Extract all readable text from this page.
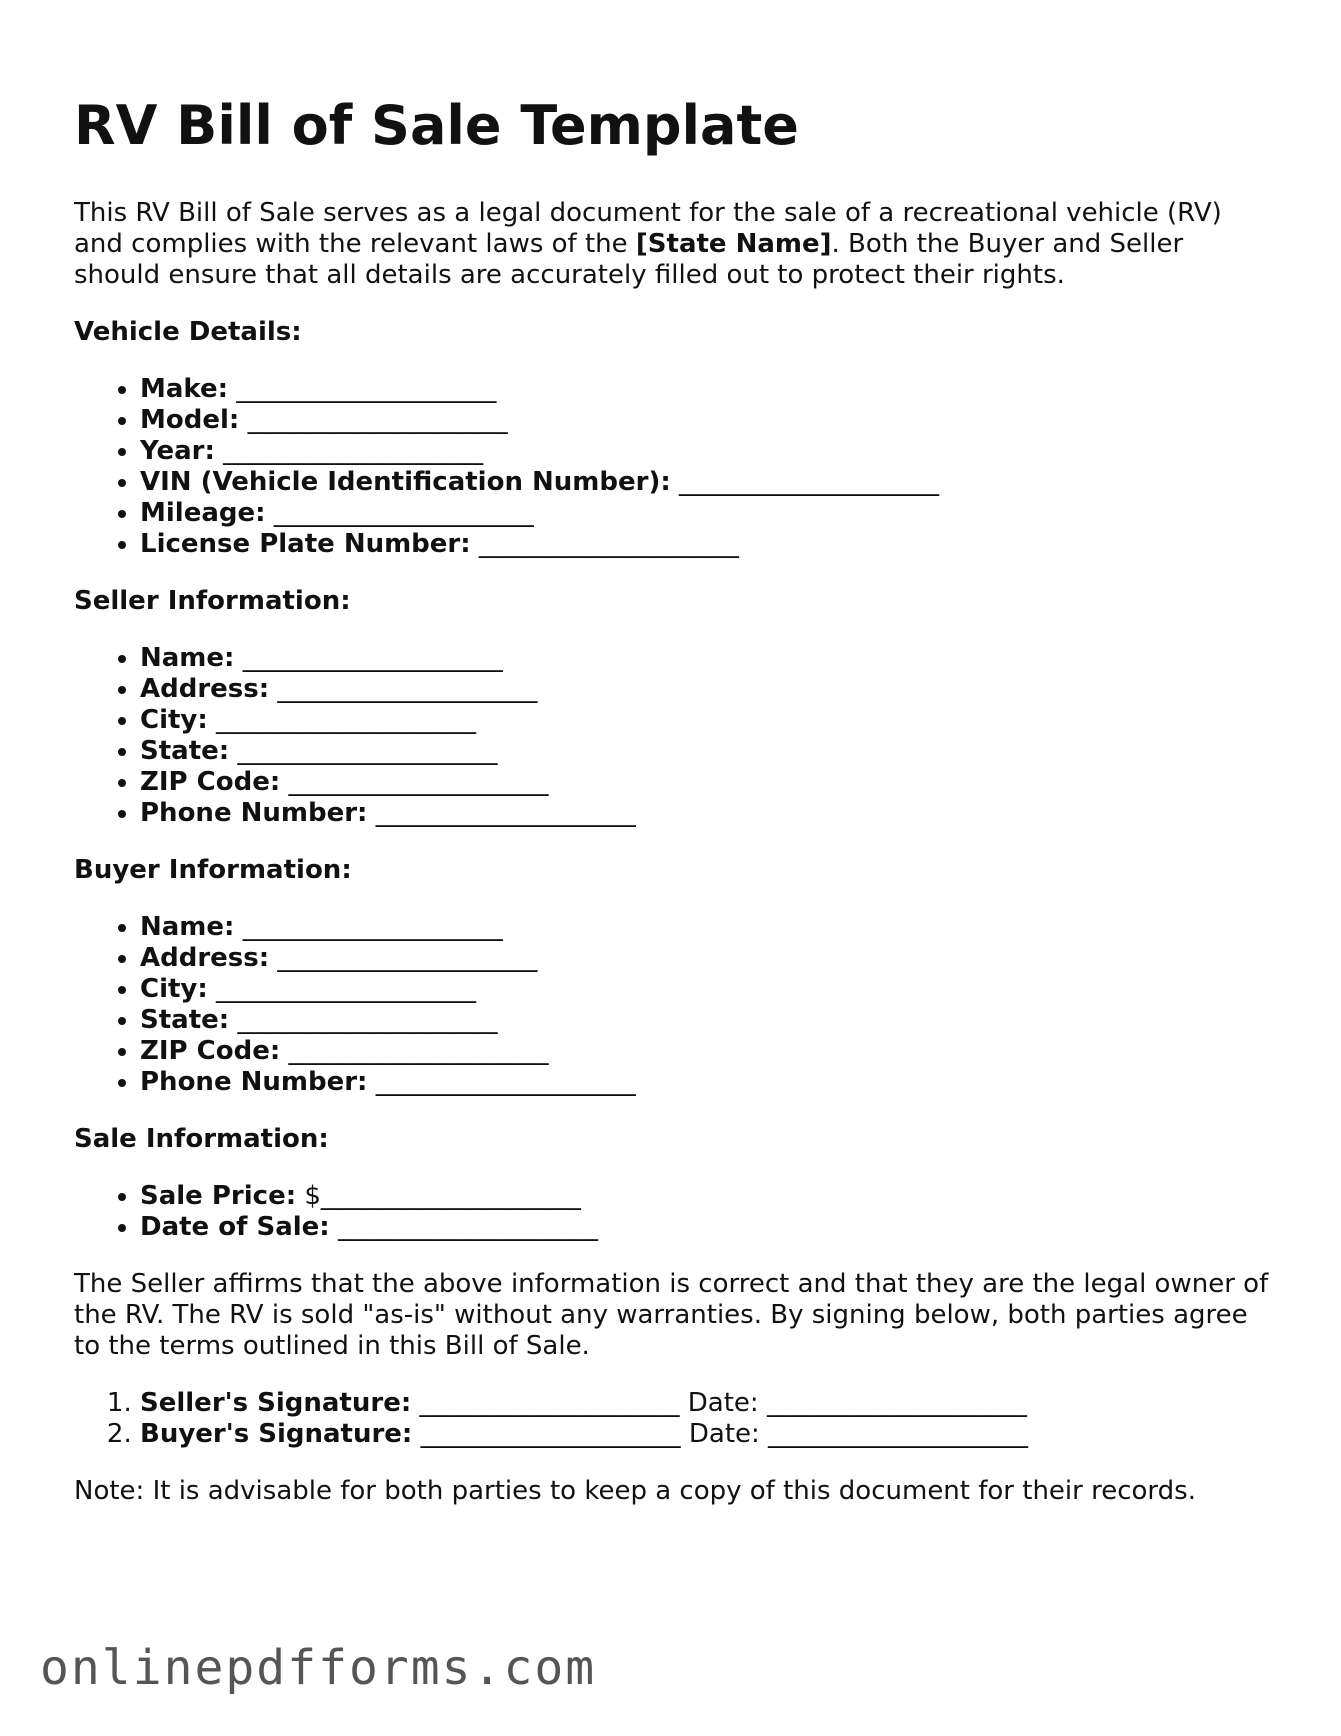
RV Bill of Sale Template

This RV Bill of Sale serves as a legal document for the sale of a recreational vehicle (RV) and complies with the relevant laws of the [State Name]. Both the Buyer and Seller should ensure that all details are accurately filled out to protect their rights.

Vehicle Details:
• Make: ____________________
• Model: ____________________
• Year: ____________________
• VIN (Vehicle Identification Number): ____________________
• Mileage: ____________________
• License Plate Number: ____________________
Seller Information:
• Name: ____________________
• Address: ____________________
• City: ____________________
• State: ____________________
• ZIP Code: ____________________
• Phone Number: ____________________
Buyer Information:
• Name: ____________________
• Address: ____________________
• City: ____________________
• State: ____________________
• ZIP Code: ____________________
• Phone Number: ____________________
Sale Information:
• Sale Price: $____________________
• Date of Sale: ____________________

The Seller affirms that the above information is correct and that they are the legal owner of the RV. The RV is sold "as-is" without any warranties. By signing below, both parties agree to the terms outlined in this Bill of Sale.

1. Seller's Signature: ____________________ Date: ____________________
2. Buyer's Signature: ____________________ Date: ____________________

Note: It is advisable for both parties to keep a copy of this document for their records.

onlinepdfforms.com
